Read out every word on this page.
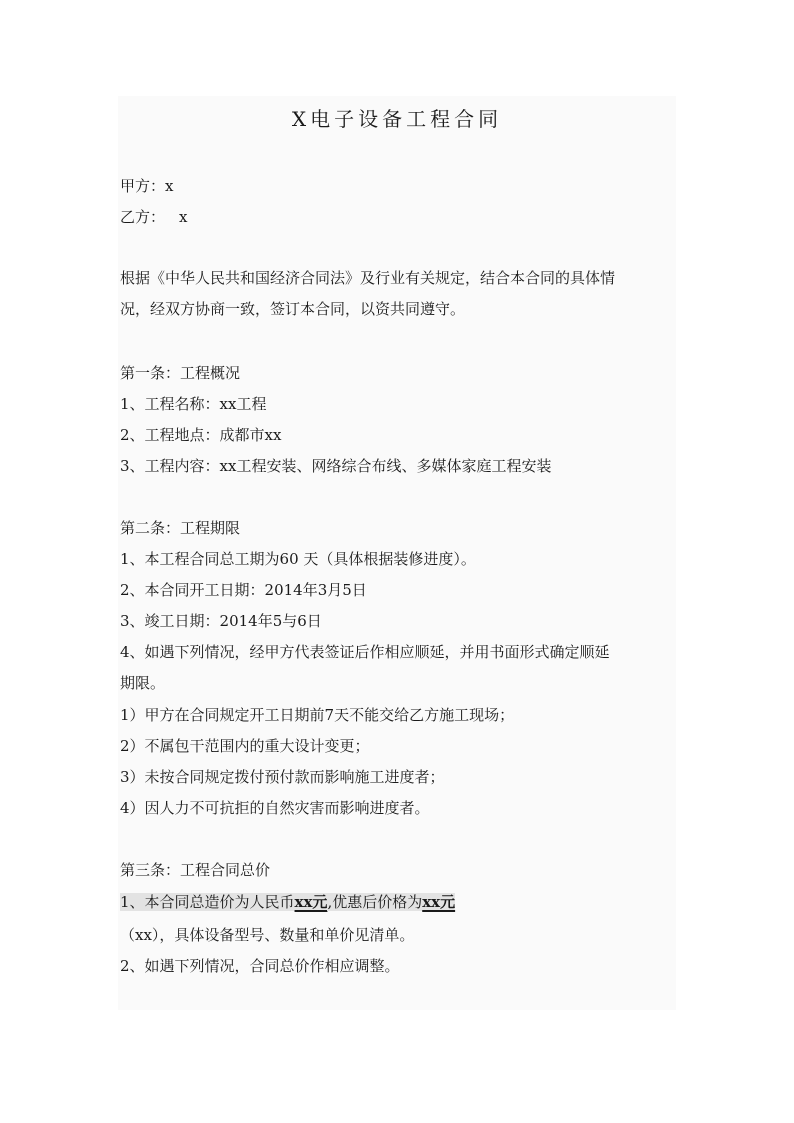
X电子设备工程合同
甲方：x
乙方： x
根据《中华人民共和国经济合同法》及行业有关规定，结合本合同的具体情
况，经双方协商一致，签订本合同，以资共同遵守。
第一条：工程概况
1、工程名称：xx工程
2、工程地点：成都市xx
3、工程内容：xx工程安装、网络综合布线、多媒体家庭工程安装
第二条：工程期限
1、本工程合同总工期为60 天（具体根据装修进度）。
2、本合同开工日期：2014年3月5日
3、竣工日期：2014年5与6日
4、如遇下列情况，经甲方代表签证后作相应顺延，并用书面形式确定顺延
期限。
1）甲方在合同规定开工日期前7天不能交给乙方施工现场；
2）不属包干范围内的重大设计变更；
3）未按合同规定拨付预付款而影响施工进度者；
4）因人力不可抗拒的自然灾害而影响进度者。
第三条：工程合同总价
1、本合同总造价为人民币xx元,优惠后价格为xx元
（xx），具体设备型号、数量和单价见清单。
2、如遇下列情况，合同总价作相应调整。
